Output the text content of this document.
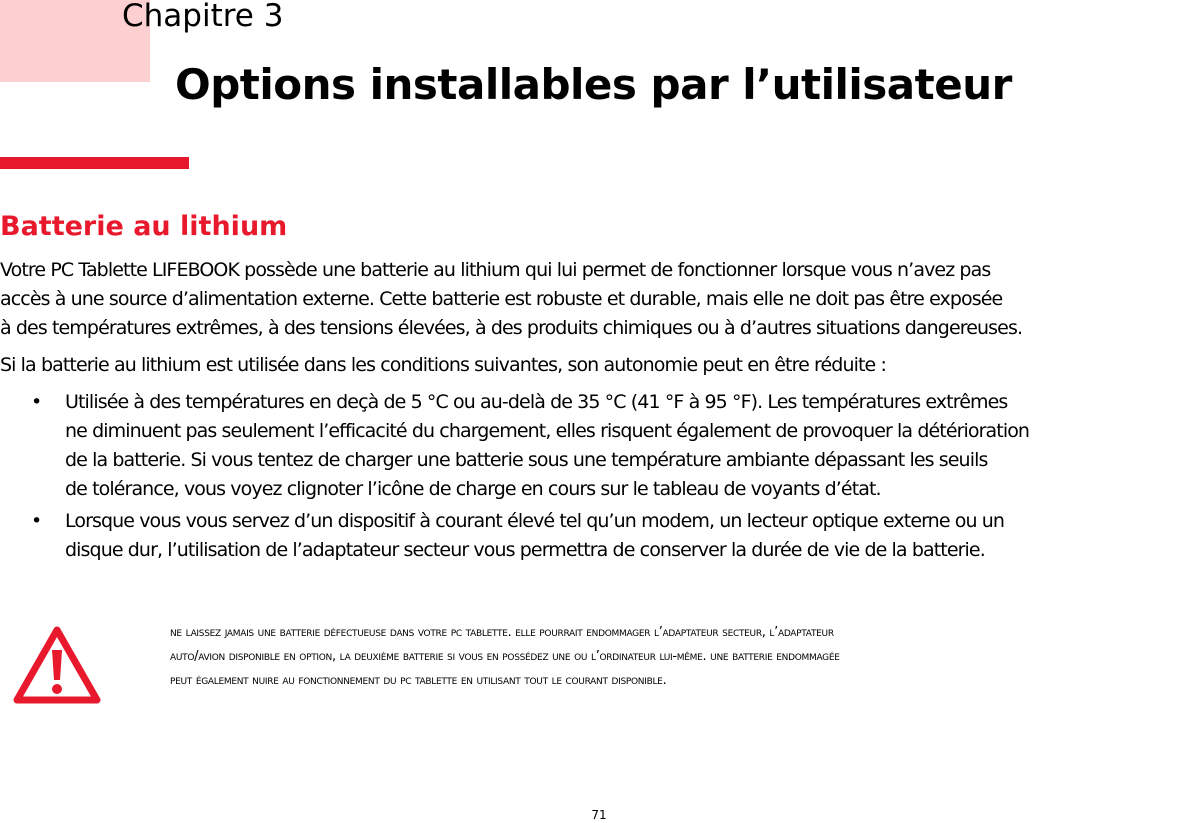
Chapitre 3
Options installables par l’utilisateur
Batterie au lithium

Votre PC Tablette LIFEBOOK possède une batterie au lithium qui lui permet de fonctionner lorsque vous n’avez pas
accès à une source d’alimentation externe. Cette batterie est robuste et durable, mais elle ne doit pas être exposée
à des températures extrêmes, à des tensions élevées, à des produits chimiques ou à d’autres situations dangereuses.

Si la batterie au lithium est utilisée dans les conditions suivantes, son autonomie peut en être réduite :

• Utilisée à des températures en deçà de 5 °C ou au-delà de 35 °C (41 °F à 95 °F). Les températures extrêmes
ne diminuent pas seulement l’efficacité du chargement, elles risquent également de provoquer la détérioration
de la batterie. Si vous tentez de charger une batterie sous une température ambiante dépassant les seuils
de tolérance, vous voyez clignoter l’icône de charge en cours sur le tableau de voyants d’état.
• Lorsque vous vous servez d’un dispositif à courant élevé tel qu’un modem, un lecteur optique externe ou un
disque dur, l’utilisation de l’adaptateur secteur vous permettra de conserver la durée de vie de la batterie.
ne laissez jamais une batterie défectueuse dans votre pc tablette. elle pourrait endommager l’adaptateur secteur, l’adaptateur
auto/avion disponible en option, la deuxième batterie si vous en possédez une ou l’ordinateur lui-même. une batterie endommagée
peut également nuire au fonctionnement du pc tablette en utilisant tout le courant disponible.
71
